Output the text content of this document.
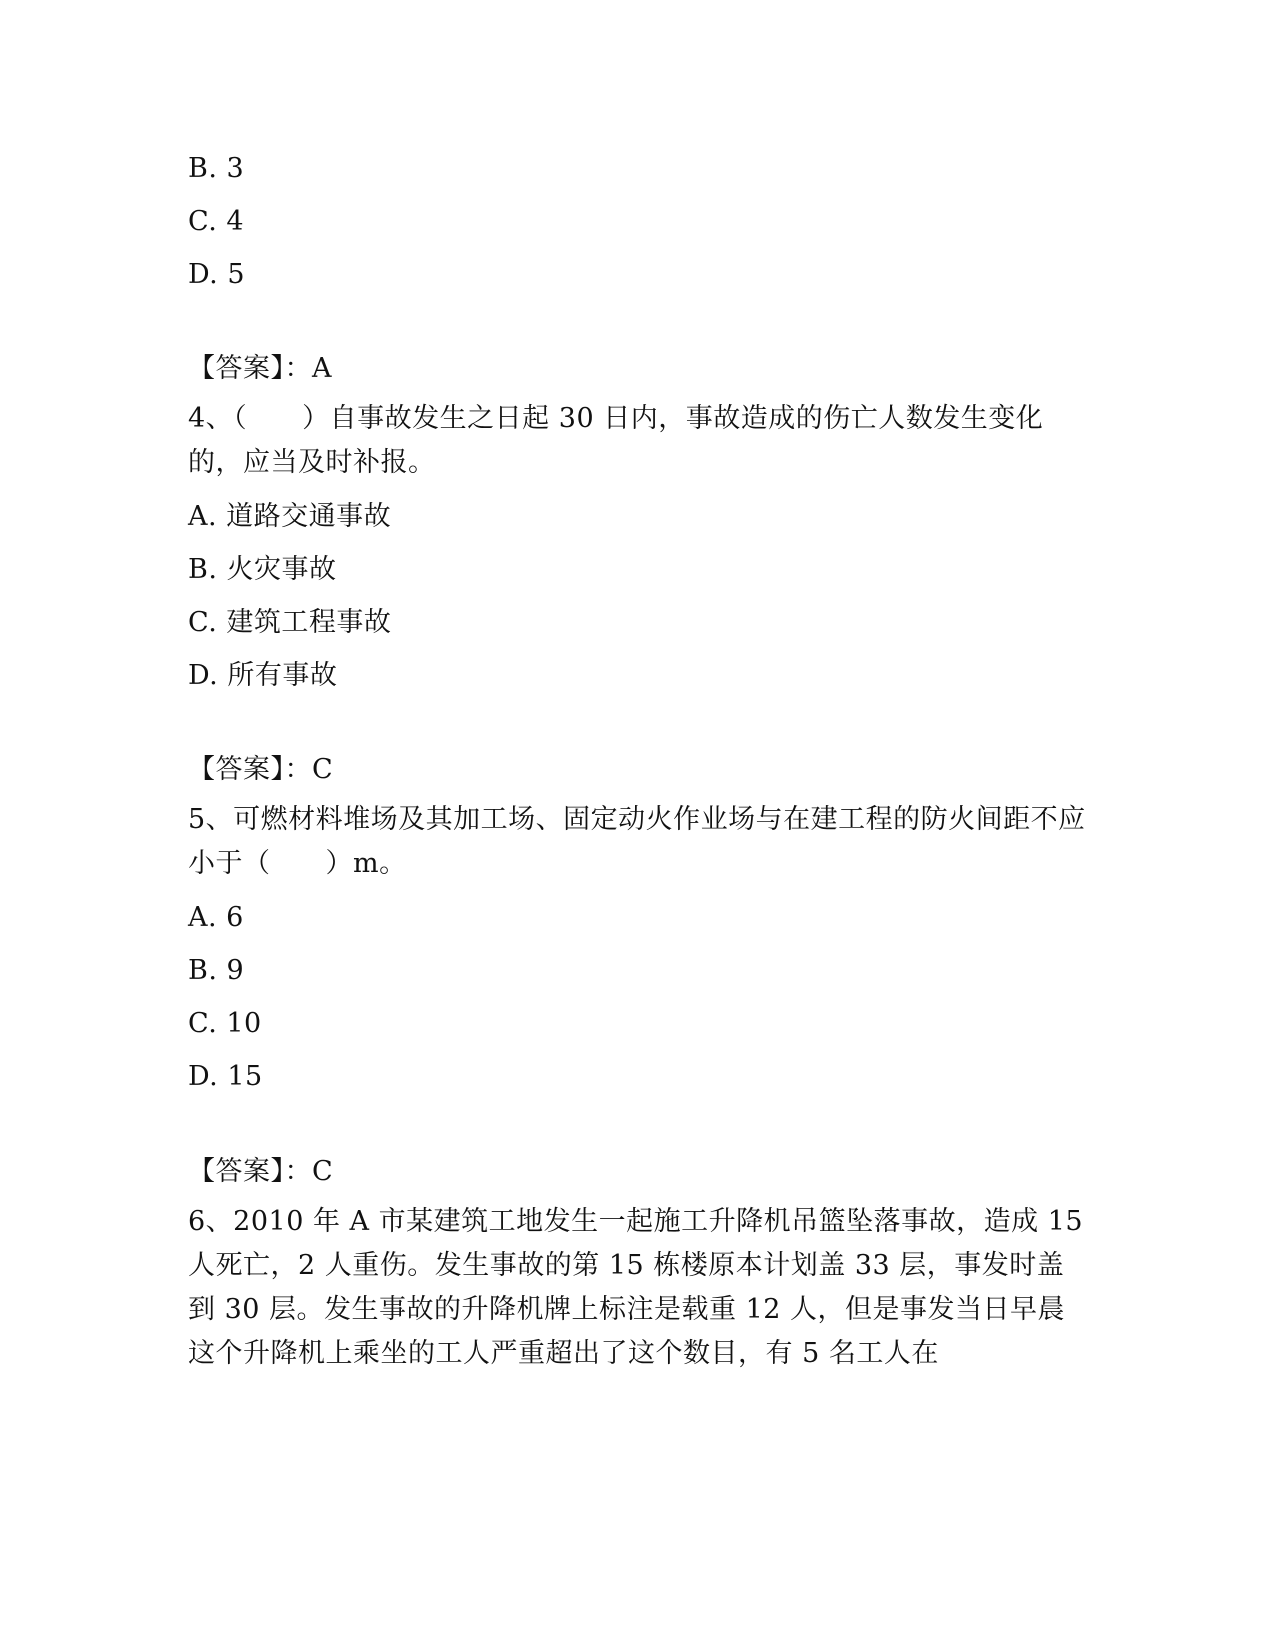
B. 3
C. 4
D. 5
【答案】：A
4、（　　）自事故发生之日起 30 日内，事故造成的伤亡人数发生变化的，应当及时补报。
A. 道路交通事故
B. 火灾事故
C. 建筑工程事故
D. 所有事故
【答案】：C
5、可燃材料堆场及其加工场、固定动火作业场与在建工程的防火间距不应小于（　　）m。
A. 6
B. 9
C. 10
D. 15
【答案】：C
6、2010 年 A 市某建筑工地发生一起施工升降机吊篮坠落事故，造成 15 人死亡，2 人重伤。发生事故的第 15 栋楼原本计划盖 33 层，事发时盖到 30 层。发生事故的升降机牌上标注是载重 12 人，但是事发当日早晨这个升降机上乘坐的工人严重超出了这个数目，有 5 名工人在
